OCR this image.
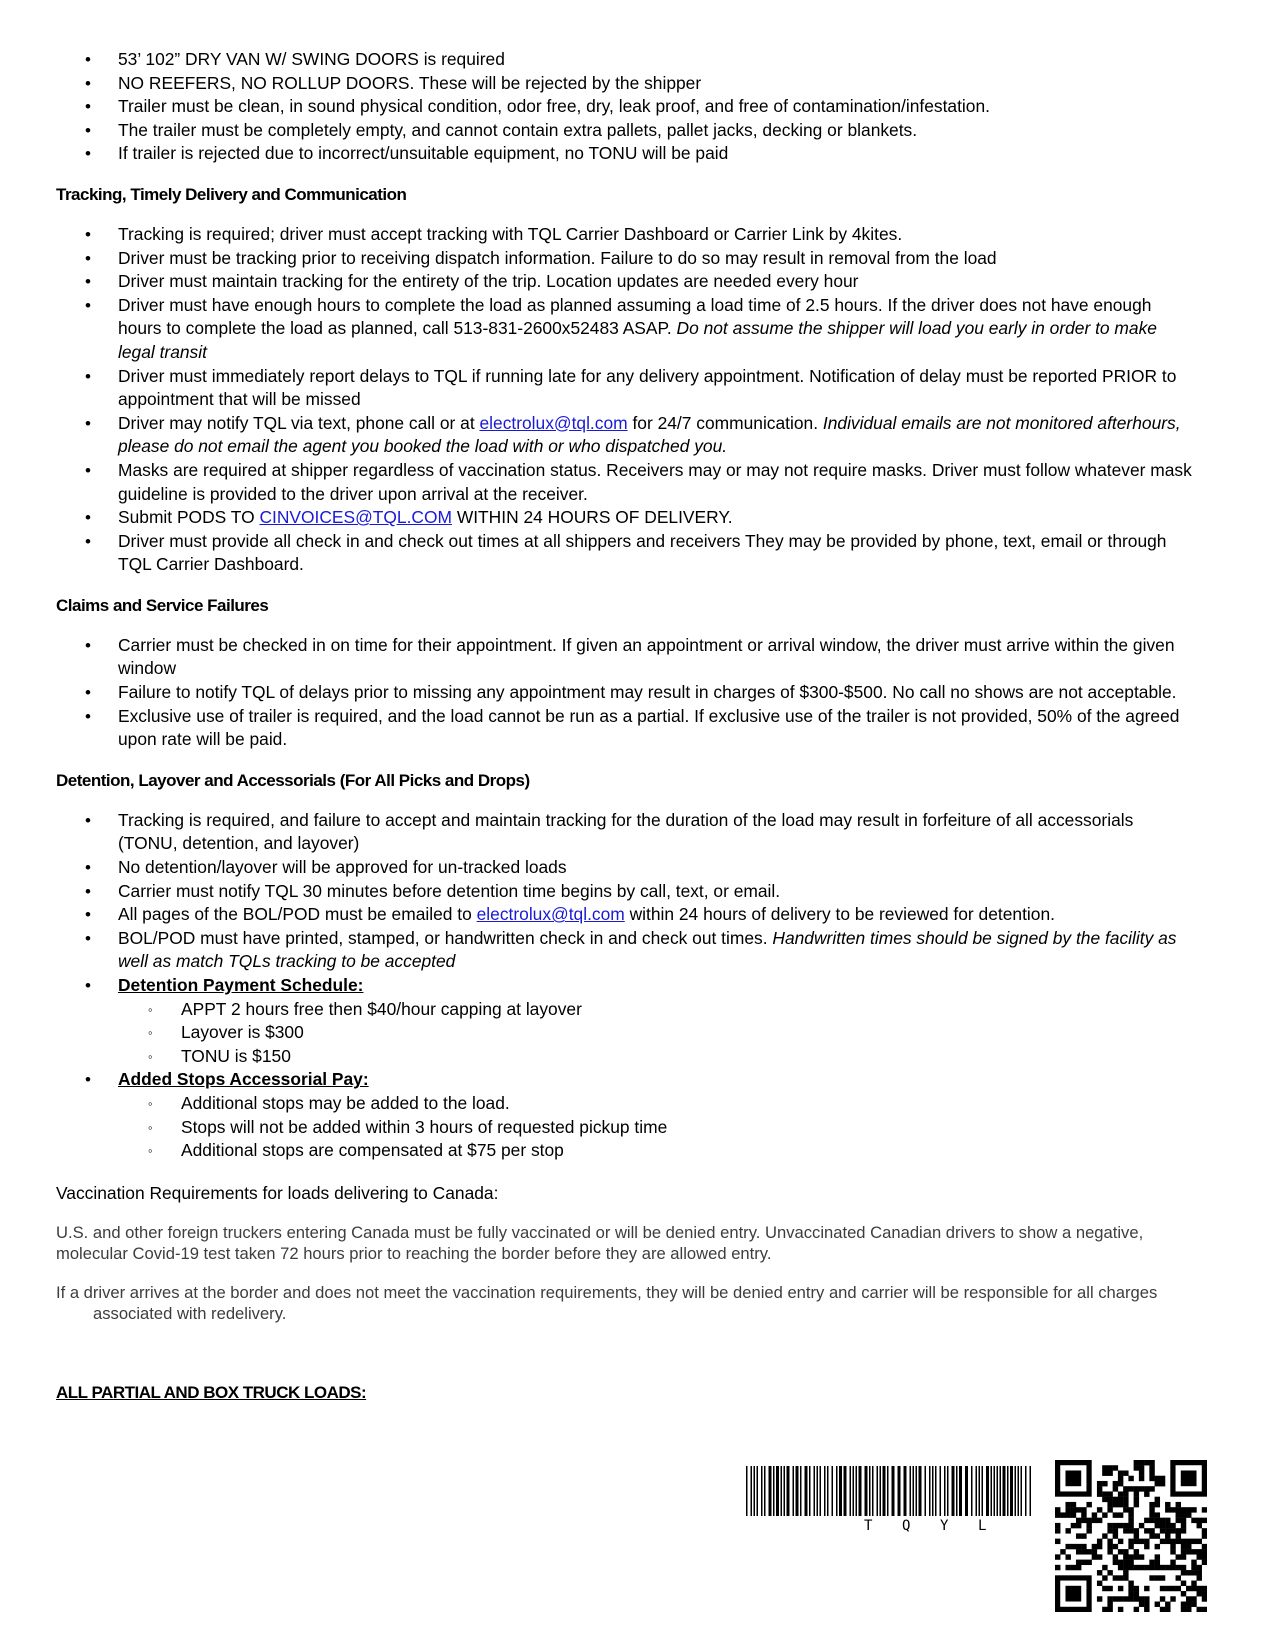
• 53’ 102” DRY VAN W/ SWING DOORS is required
• NO REEFERS, NO ROLLUP DOORS. These will be rejected by the shipper
• Trailer must be clean, in sound physical condition, odor free, dry, leak proof, and free of contamination/infestation.
• The trailer must be completely empty, and cannot contain extra pallets, pallet jacks, decking or blankets.
• If trailer is rejected due to incorrect/unsuitable equipment, no TONU will be paid
Tracking, Timely Delivery and Communication
• Tracking is required; driver must accept tracking with TQL Carrier Dashboard or Carrier Link by 4kites.
• Driver must be tracking prior to receiving dispatch information. Failure to do so may result in removal from the load
• Driver must maintain tracking for the entirety of the trip. Location updates are needed every hour
• Driver must have enough hours to complete the load as planned assuming a load time of 2.5 hours. If the driver does not have enough hours to complete the load as planned, call 513-831-2600x52483 ASAP. Do not assume the shipper will load you early in order to make legal transit
• Driver must immediately report delays to TQL if running late for any delivery appointment. Notification of delay must be reported PRIOR to appointment that will be missed
• Driver may notify TQL via text, phone call or at electrolux@tql.com for 24/7 communication. Individual emails are not monitored afterhours, please do not email the agent you booked the load with or who dispatched you.
• Masks are required at shipper regardless of vaccination status. Receivers may or may not require masks. Driver must follow whatever mask guideline is provided to the driver upon arrival at the receiver.
• Submit PODS TO CINVOICES@TQL.COM WITHIN 24 HOURS OF DELIVERY.
• Driver must provide all check in and check out times at all shippers and receivers They may be provided by phone, text, email or through TQL Carrier Dashboard.
Claims and Service Failures
• Carrier must be checked in on time for their appointment. If given an appointment or arrival window, the driver must arrive within the given window
• Failure to notify TQL of delays prior to missing any appointment may result in charges of $300-$500. No call no shows are not acceptable.
• Exclusive use of trailer is required, and the load cannot be run as a partial. If exclusive use of the trailer is not provided, 50% of the agreed upon rate will be paid.
Detention, Layover and Accessorials (For All Picks and Drops)
• Tracking is required, and failure to accept and maintain tracking for the duration of the load may result in forfeiture of all accessorials (TONU, detention, and layover)
• No detention/layover will be approved for un-tracked loads
• Carrier must notify TQL 30 minutes before detention time begins by call, text, or email.
• All pages of the BOL/POD must be emailed to electrolux@tql.com within 24 hours of delivery to be reviewed for detention.
• BOL/POD must have printed, stamped, or handwritten check in and check out times. Handwritten times should be signed by the facility as well as match TQLs tracking to be accepted
• Detention Payment Schedule:
◦ APPT 2 hours free then $40/hour capping at layover
◦ Layover is $300
◦ TONU is $150
• Added Stops Accessorial Pay:
◦ Additional stops may be added to the load.
◦ Stops will not be added within 3 hours of requested pickup time
◦ Additional stops are compensated at $75 per stop
Vaccination Requirements for loads delivering to Canada:
U.S. and other foreign truckers entering Canada must be fully vaccinated or will be denied entry. Unvaccinated Canadian drivers to show a negative, molecular Covid-19 test taken 72 hours prior to reaching the border before they are allowed entry.
If a driver arrives at the border and does not meet the vaccination requirements, they will be denied entry and carrier will be responsible for all charges associated with redelivery.
ALL PARTIAL AND BOX TRUCK LOADS:
T Q Y L
